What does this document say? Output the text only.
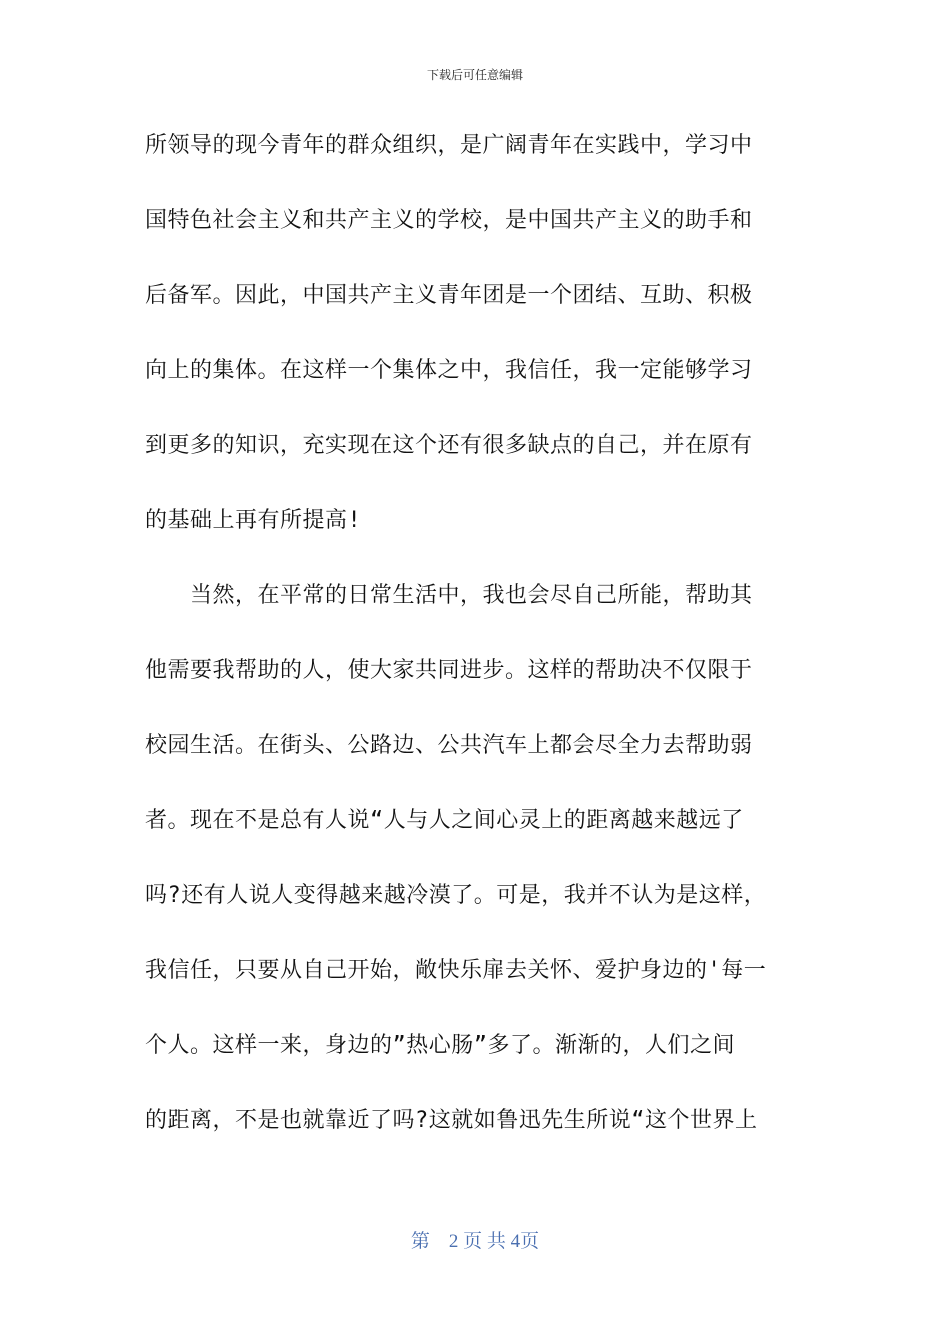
下载后可任意编辑
所领导的现今青年的群众组织，是广阔青年在实践中，学习中
国特色社会主义和共产主义的学校，是中国共产主义的助手和
后备军。因此，中国共产主义青年团是一个团结、互助、积极
向上的集体。在这样一个集体之中，我信任，我一定能够学习
到更多的知识，充实现在这个还有很多缺点的自己，并在原有
的基础上再有所提高!
　　当然，在平常的日常生活中，我也会尽自己所能，帮助其
他需要我帮助的人，使大家共同进步。这样的帮助决不仅限于
校园生活。在街头、公路边、公共汽车上都会尽全力去帮助弱
者。现在不是总有人说“人与人之间心灵上的距离越来越远了
吗?还有人说人变得越来越冷漠了。可是，我并不认为是这样，
我信任，只要从自己开始，敞快乐扉去关怀、爱护身边的'每一
个人。这样一来，身边的”热心肠”多了。渐渐的，人们之间
的距离，不是也就靠近了吗?这就如鲁迅先生所说“这个世界上
第　2 页 共 4页
